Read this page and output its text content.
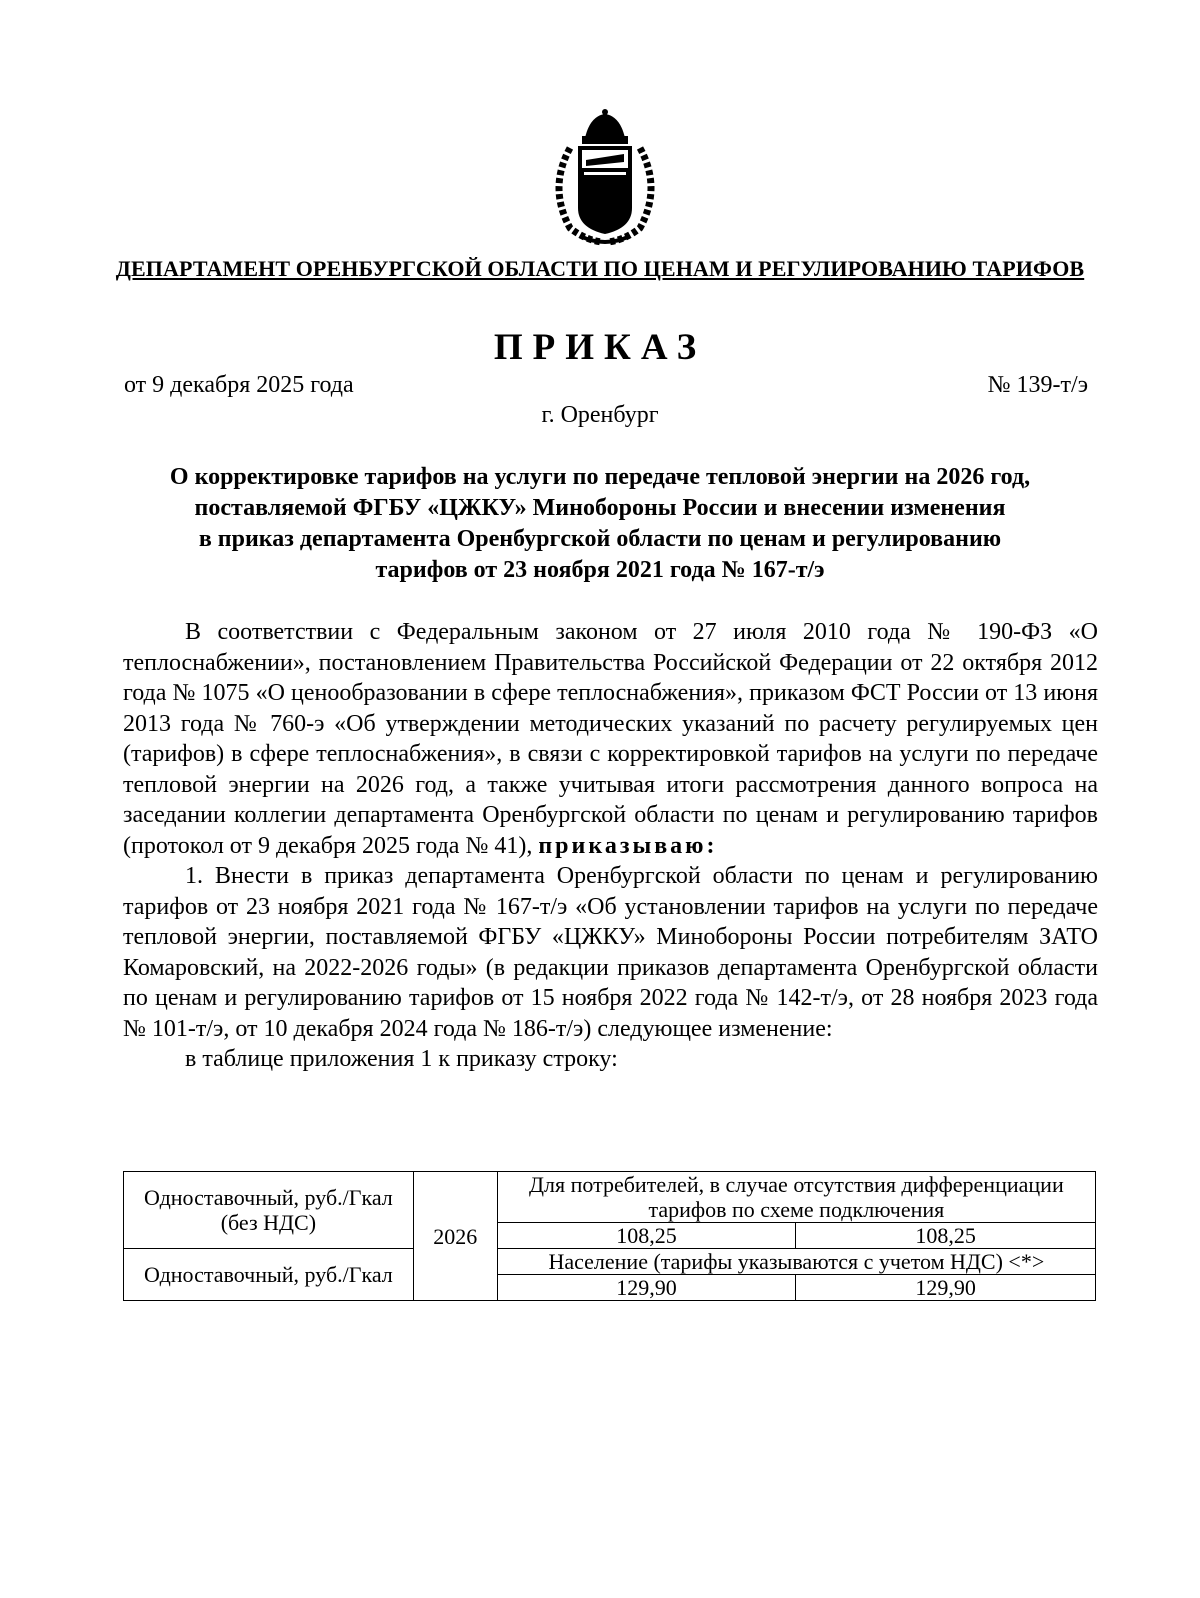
ДЕПАРТАМЕНТ ОРЕНБУРГСКОЙ ОБЛАСТИ ПО ЦЕНАМ И РЕГУЛИРОВАНИЮ ТАРИФОВ
ПРИКАЗ
от 9 декабря 2025 года	№ 139-т/э
г. Оренбург
О корректировке тарифов на услуги по передаче тепловой энергии на 2026 год,
поставляемой ФГБУ «ЦЖКУ» Минобороны России и внесении изменения
в приказ департамента Оренбургской области по ценам и регулированию
тарифов от 23 ноября 2021 года № 167-т/э

В соответствии с Федеральным законом от 27 июля 2010 года № 190-ФЗ «О теплоснабжении», постановлением Правительства Российской Федерации от 22 октября 2012 года № 1075 «О ценообразовании в сфере теплоснабжения», приказом ФСТ России от 13 июня 2013 года № 760-э «Об утверждении методических указаний по расчету регулируемых цен (тарифов) в сфере теплоснабжения», в связи с корректировкой тарифов на услуги по передаче тепловой энергии на 2026 год, а также учитывая итоги рассмотрения данного вопроса на заседании коллегии департамента Оренбургской области по ценам и регулированию тарифов (протокол от 9 декабря 2025 года № 41), приказываю:

1. Внести в приказ департамента Оренбургской области по ценам и регулированию тарифов от 23 ноября 2021 года № 167-т/э «Об установлении тарифов на услуги по передаче тепловой энергии, поставляемой ФГБУ «ЦЖКУ» Минобороны России потребителям ЗАТО Комаровский, на 2022-2026 годы» (в редакции приказов департамента Оренбургской области по ценам и регулированию тарифов от 15 ноября 2022 года № 142-т/э, от 28 ноября 2023 года № 101-т/э, от 10 декабря 2024 года № 186-т/э) следующее изменение:

в таблице приложения 1 к приказу строку:

Одноставочный, руб./Гкал (без НДС)	2026	Для потребителей, в случае отсутствия дифференциации тарифов по схеме подключения	
		108,25	108,25
Одноставочный, руб./Гкал		Население (тарифы указываются с учетом НДС) <*>	
		129,90	129,90
